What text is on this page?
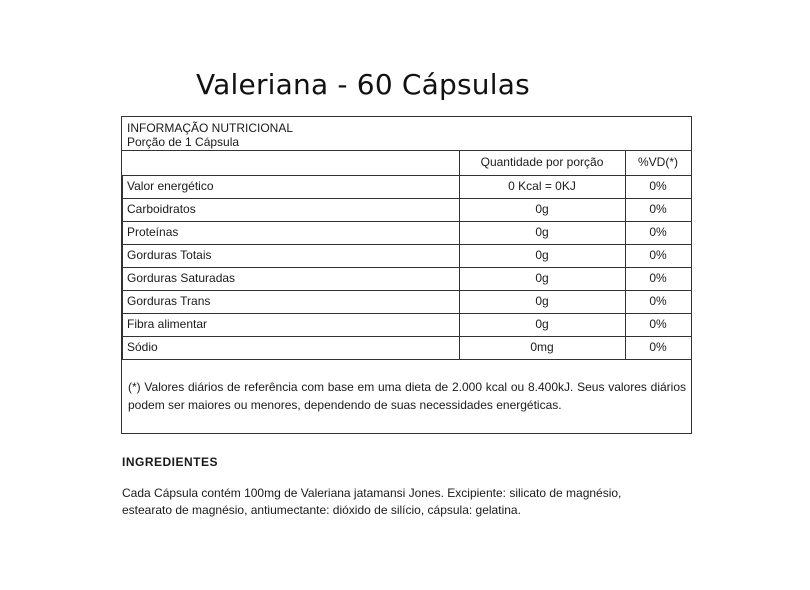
Valeriana - 60 Cápsulas
INFORMAÇÃO NUTRICIONAL
Porção de 1 Cápsula
Quantidade por porção	%VD(*)
Valor energético	0 Kcal = 0KJ	0%
Carboidratos	0g	0%
Proteínas	0g	0%
Gorduras Totais	0g	0%
Gorduras Saturadas	0g	0%
Gorduras Trans	0g	0%
Fibra alimentar	0g	0%
Sódio	0mg	0%
(*) Valores diários de referência com base em uma dieta de 2.000 kcal ou 8.400kJ. Seus valores diários podem ser maiores ou menores, dependendo de suas necessidades energéticas.
INGREDIENTES
Cada Cápsula contém 100mg de Valeriana jatamansi Jones. Excipiente: silicato de magnésio, estearato de magnésio, antiumectante: dióxido de silício, cápsula: gelatina.
